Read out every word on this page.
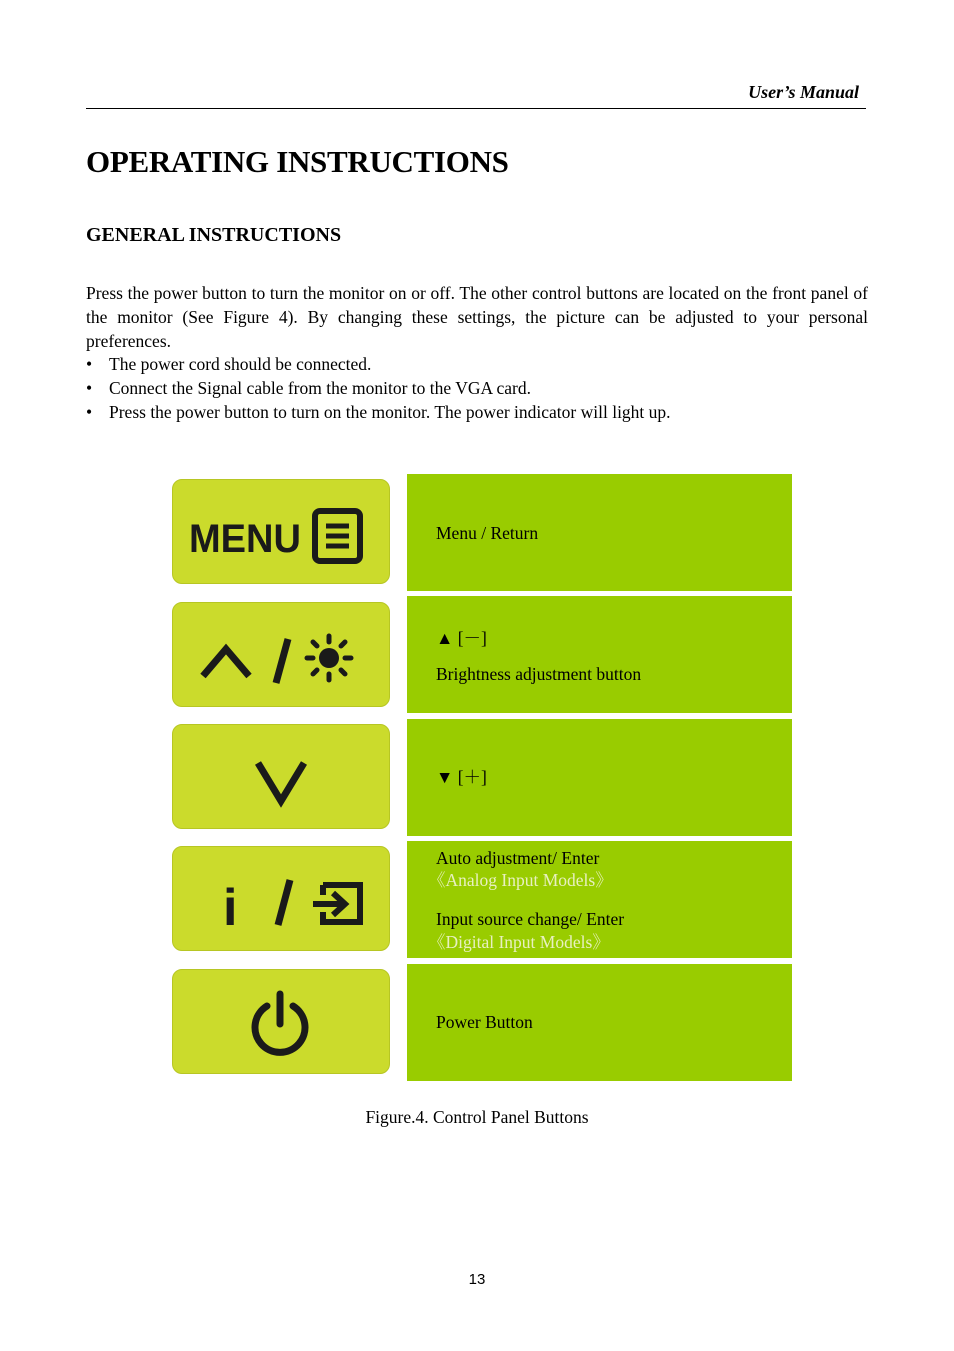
User’s Manual
OPERATING INSTRUCTIONS
GENERAL INSTRUCTIONS

Press the power button to turn the monitor on or off. The other control buttons are located on the front panel of the monitor (See Figure 4). By changing these settings, the picture can be adjusted to your personal preferences.

• The power cord should be connected.
• Connect the Signal cable from the monitor to the VGA card.
• Press the power button to turn on the monitor. The power indicator will light up.
MENU	Menu / Return
▲ [－]
Brightness adjustment button
▼ [＋]
i
Auto adjustment/ Enter
《Analog Input Models》
Input source change/ Enter
《Digital Input Models》
Power Button
Figure.4. Control Panel Buttons
13
